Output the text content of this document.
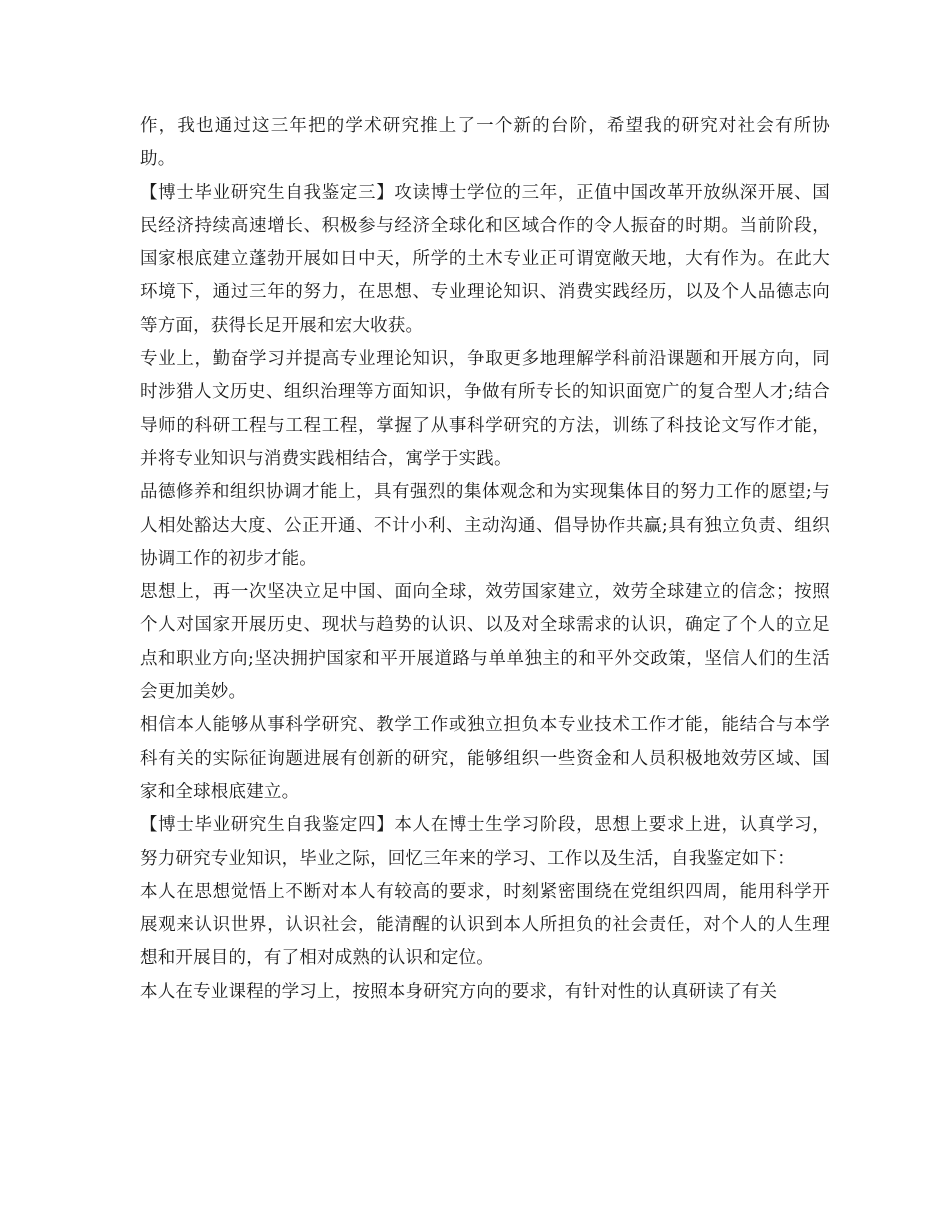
作，我也通过这三年把的学术研究推上了一个新的台阶，希望我的研究对社会有所协助。

【博士毕业研究生自我鉴定三】攻读博士学位的三年，正值中国改革开放纵深开展、国民经济持续高速增长、积极参与经济全球化和区域合作的令人振奋的时期。当前阶段，国家根底建立蓬勃开展如日中天，所学的土木专业正可谓宽敞天地，大有作为。在此大环境下，通过三年的努力，在思想、专业理论知识、消费实践经历，以及个人品德志向等方面，获得长足开展和宏大收获。

专业上，勤奋学习并提高专业理论知识，争取更多地理解学科前沿课题和开展方向，同时涉猎人文历史、组织治理等方面知识，争做有所专长的知识面宽广的复合型人才;结合导师的科研工程与工程工程，掌握了从事科学研究的方法，训练了科技论文写作才能，并将专业知识与消费实践相结合，寓学于实践。

品德修养和组织协调才能上，具有强烈的集体观念和为实现集体目的努力工作的愿望;与人相处豁达大度、公正开通、不计小利、主动沟通、倡导协作共赢;具有独立负责、组织协调工作的初步才能。

思想上，再一次坚决立足中国、面向全球，效劳国家建立，效劳全球建立的信念；按照个人对国家开展历史、现状与趋势的认识、以及对全球需求的认识，确定了个人的立足点和职业方向;坚决拥护国家和平开展道路与单单独主的和平外交政策，坚信人们的生活会更加美妙。

相信本人能够从事科学研究、教学工作或独立担负本专业技术工作才能，能结合与本学科有关的实际征询题进展有创新的研究，能够组织一些资金和人员积极地效劳区域、国家和全球根底建立。

【博士毕业研究生自我鉴定四】本人在博士生学习阶段，思想上要求上进，认真学习，努力研究专业知识，毕业之际，回忆三年来的学习、工作以及生活，自我鉴定如下：

本人在思想觉悟上不断对本人有较高的要求，时刻紧密围绕在党组织四周，能用科学开展观来认识世界，认识社会，能清醒的认识到本人所担负的社会责任，对个人的人生理想和开展目的，有了相对成熟的认识和定位。

本人在专业课程的学习上，按照本身研究方向的要求，有针对性的认真研读了有关
